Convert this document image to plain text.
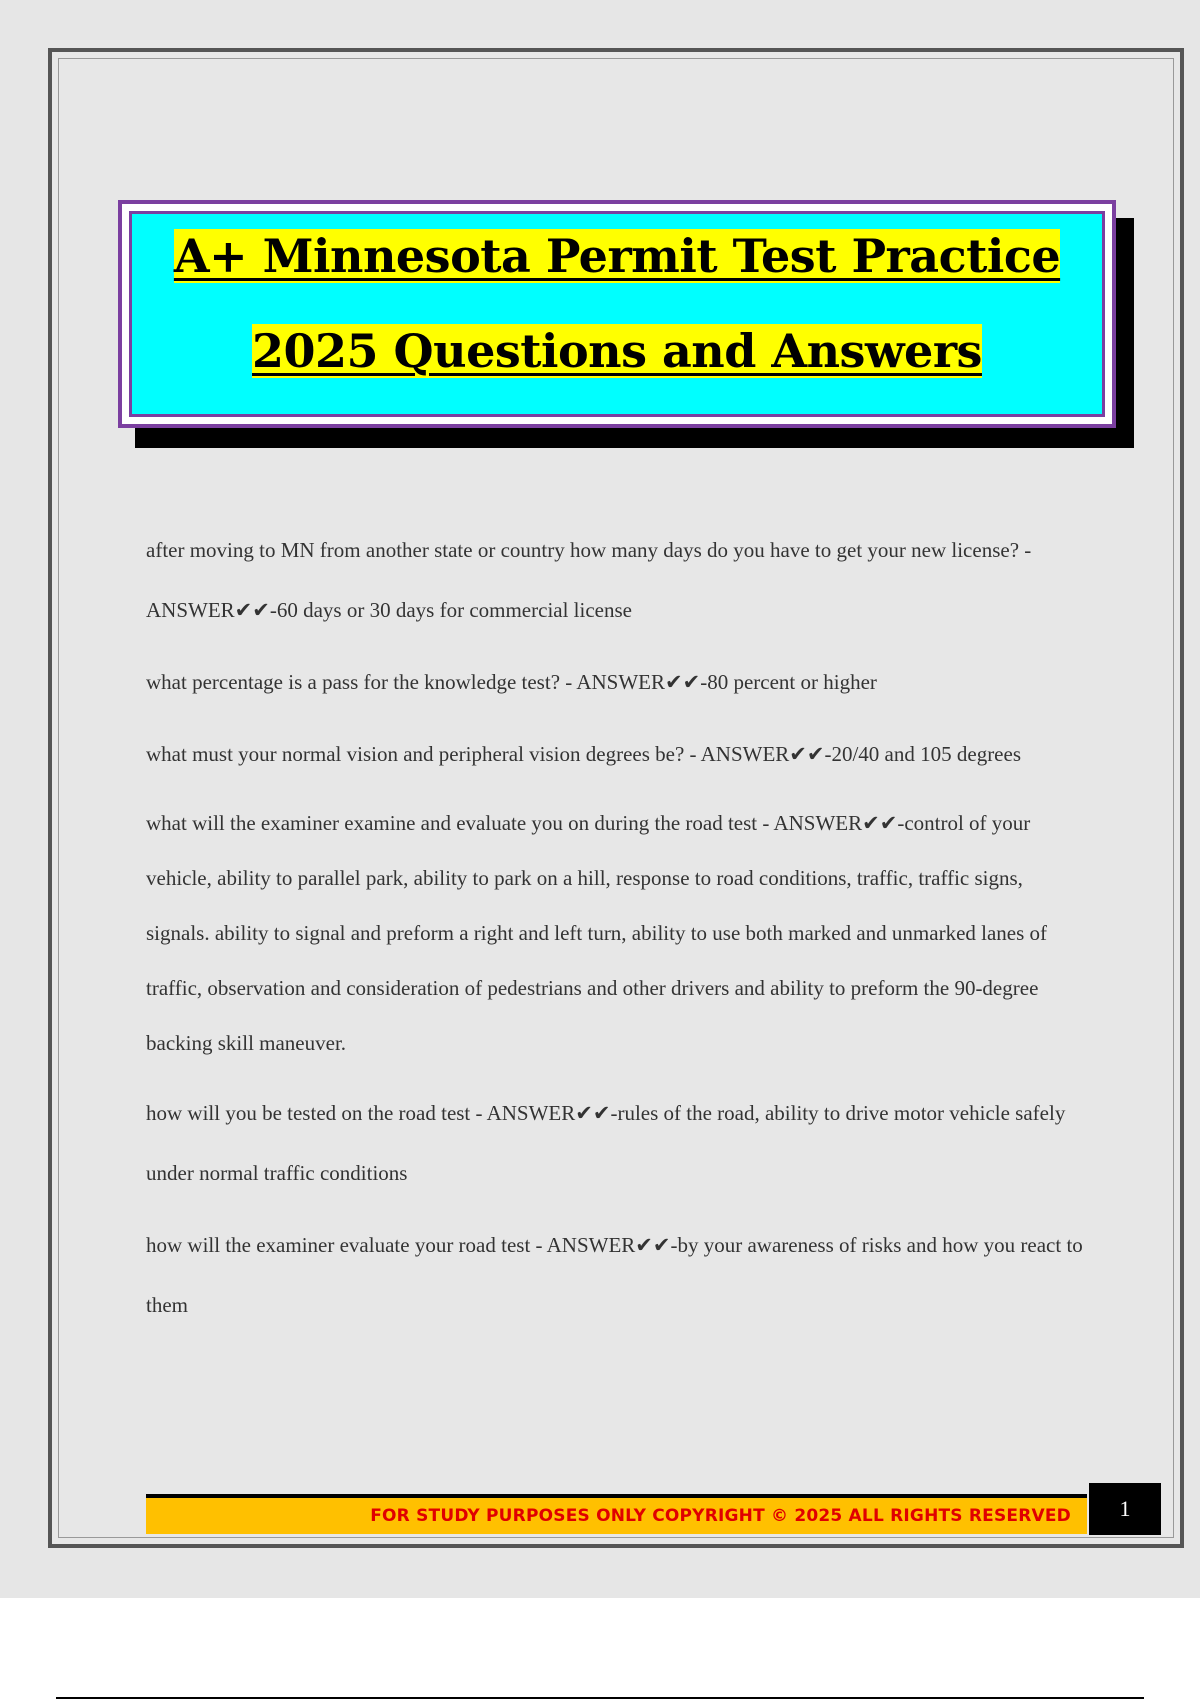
A+ Minnesota Permit Test Practice
2025 Questions and Answers

after moving to MN from another state or country how many days do you have to get your new license? - ANSWER✔✔-60 days or 30 days for commercial license

what percentage is a pass for the knowledge test? - ANSWER✔✔-80 percent or higher

what must your normal vision and peripheral vision degrees be? - ANSWER✔✔-20/40 and 105 degrees

what will the examiner examine and evaluate you on during the road test - ANSWER✔✔-control of your vehicle, ability to parallel park, ability to park on a hill, response to road conditions, traffic, traffic signs, signals. ability to signal and preform a right and left turn, ability to use both marked and unmarked lanes of traffic, observation and consideration of pedestrians and other drivers and ability to preform the 90-degree backing skill maneuver.

how will you be tested on the road test - ANSWER✔✔-rules of the road, ability to drive motor vehicle safely under normal traffic conditions

how will the examiner evaluate your road test - ANSWER✔✔-by your awareness of risks and how you react to them

FOR STUDY PURPOSES ONLY COPYRIGHT © 2025 ALL RIGHTS RESERVED	1
